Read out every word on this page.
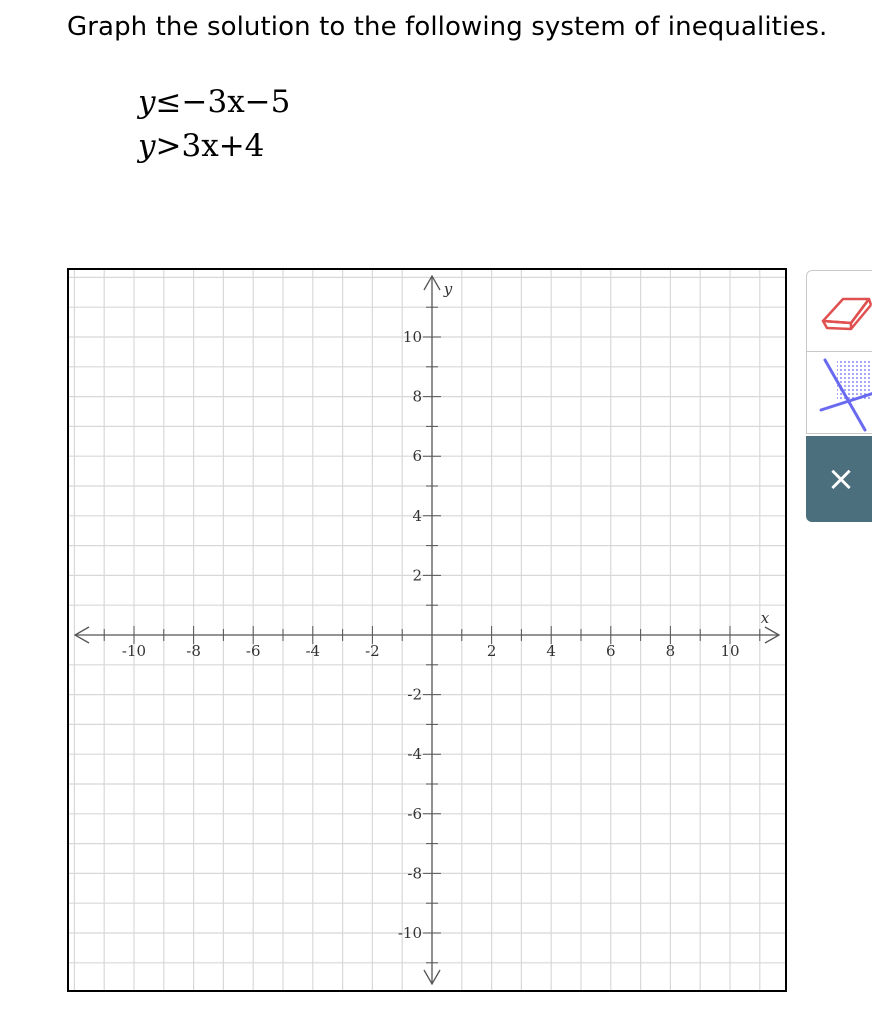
Graph the solution to the following system of inequalities.
y≤−3x−5
y>3x+4
-10	-8	-6	-4	-2	2	4	6	8	10
10
8
6
4
2
-2
-4
-6
-8
-10
x
y
×
